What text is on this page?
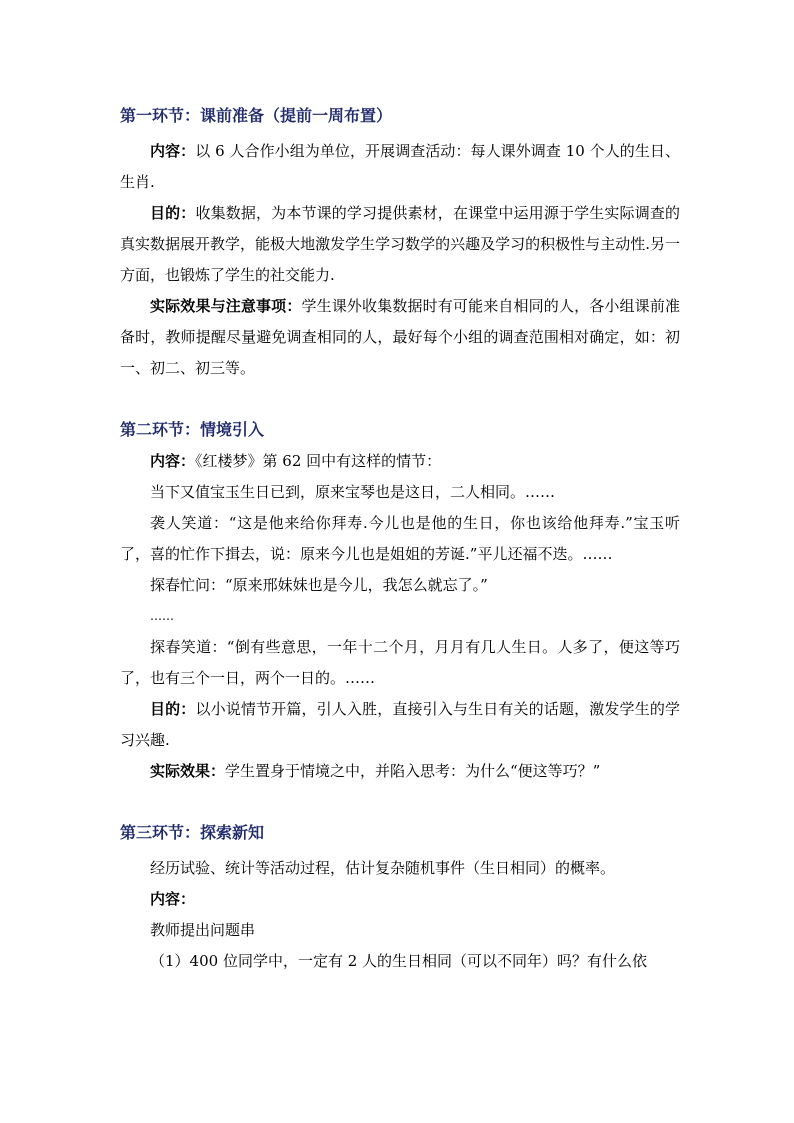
第一环节：课前准备（提前一周布置）

内容：以 6 人合作小组为单位，开展调查活动：每人课外调查 10 个人的生日、生肖.

目的：收集数据，为本节课的学习提供素材，在课堂中运用源于学生实际调查的真实数据展开教学，能极大地激发学生学习数学的兴趣及学习的积极性与主动性.另一方面，也锻炼了学生的社交能力.

实际效果与注意事项：学生课外收集数据时有可能来自相同的人，各小组课前准备时，教师提醒尽量避免调查相同的人，最好每个小组的调查范围相对确定，如：初一、初二、初三等。

第二环节：情境引入

内容：《红楼梦》第 62 回中有这样的情节：

当下又值宝玉生日已到，原来宝琴也是这日，二人相同。……

袭人笑道：“这是他来给你拜寿.今儿也是他的生日，你也该给他拜寿.”宝玉听了，喜的忙作下揖去，说：原来今儿也是姐姐的芳诞.”平儿还福不迭。……

探春忙问：“原来邢妹妹也是今儿，我怎么就忘了。”

……

探春笑道：“倒有些意思，一年十二个月，月月有几人生日。人多了，便这等巧了，也有三个一日，两个一日的。……

目的：以小说情节开篇，引人入胜，直接引入与生日有关的话题，激发学生的学习兴趣.

实际效果：学生置身于情境之中，并陷入思考：为什么“便这等巧？”

第三环节：探索新知

经历试验、统计等活动过程，估计复杂随机事件（生日相同）的概率。

内容：

教师提出问题串

（1）400 位同学中，一定有 2 人的生日相同（可以不同年）吗？有什么依
